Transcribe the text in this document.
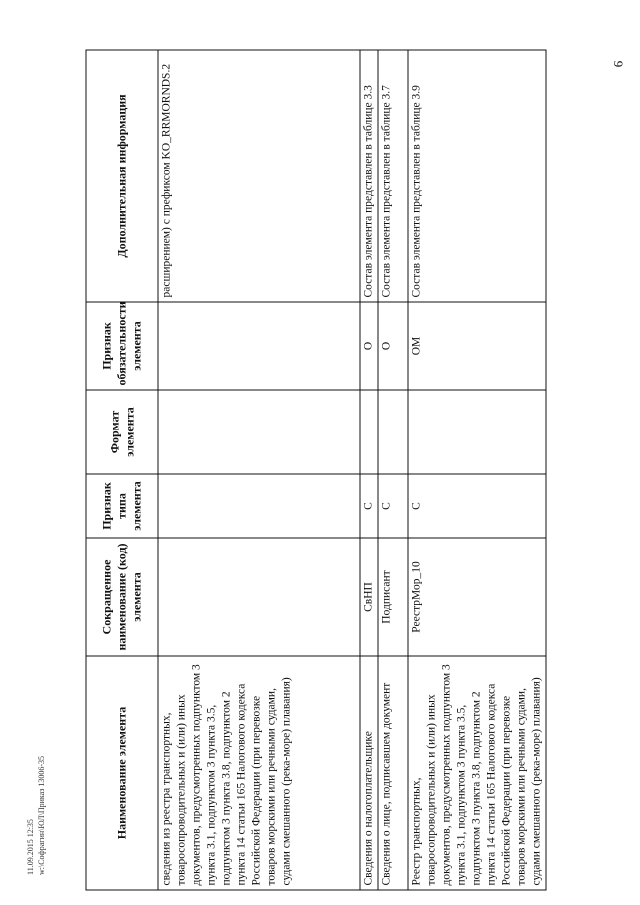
9
11.09.2015 12:35 w:\Софрагин\ЮЛ\Приказ 13006-35	Наименование элемента	Сокращенное наименование (код) элемента	Признак типа элемента	Формат элемента	Признак обязательности элемента	Дополнительная информация
сведения из реестра транспортных, товаросопроводительных и (или) иных документов, предусмотренных подпунктом 3 пункта 3.1, подпунктом 3 пункта 3.5, подпунктом 3 пункта 3.8, подпунктом 2 пункта 14 статьи 165 Налогового кодекса Российской Федерации (при перевозке товаров морскими или речными судами, судами смешанного (река-море) плавания)					расширением) с префиксом KO_RRMORNDS.2
Сведения о налогоплательщике	СвНП	С		О	Состав элемента представлен в таблице 3.3
Сведения о лице, подписавшем документ	Подписант	С		О	Состав элемента представлен в таблице 3.7
Реестр транспортных, товаросопроводительных и (или) иных документов, предусмотренных подпунктом 3 пункта 3.1, подпунктом 3 пункта 3.5, подпунктом 3 пункта 3.8, подпунктом 2 пункта 14 статьи 165 Налогового кодекса Российской Федерации (при перевозке товаров морскими или речными судами, судами смешанного (река-море) плавания)	РеестрМор_10	С		ОМ	Состав элемента представлен в таблице 3.9
